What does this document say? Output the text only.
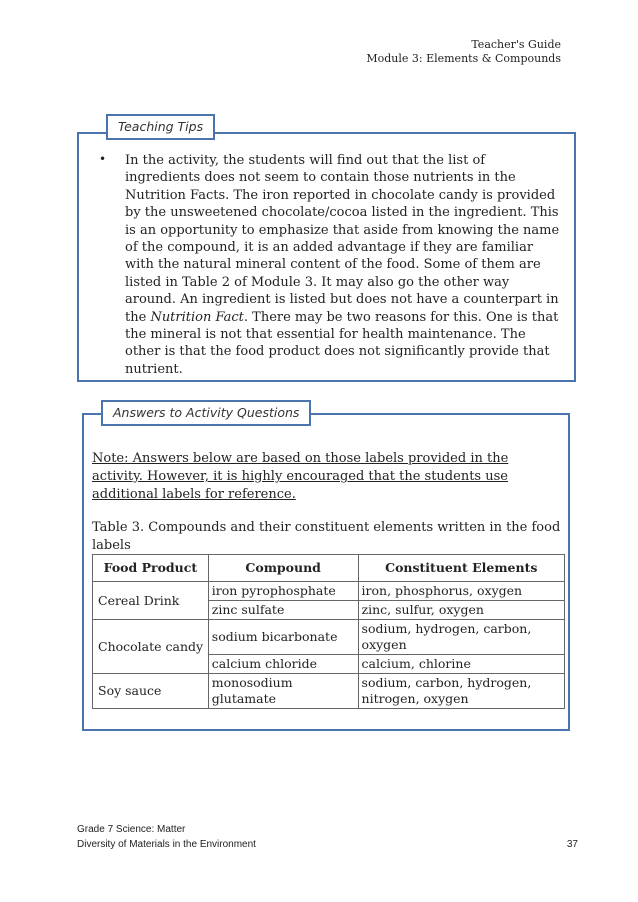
Teacher's Guide
Module 3: Elements & Compounds
Teaching Tips
• In the activity, the students will find out that the list of ingredients does not seem to contain those nutrients in the Nutrition Facts. The iron reported in chocolate candy is provided by the unsweetened chocolate/cocoa listed in the ingredient. This is an opportunity to emphasize that aside from knowing the name of the compound, it is an added advantage if they are familiar with the natural mineral content of the food. Some of them are listed in Table 2 of Module 3. It may also go the other way around. An ingredient is listed but does not have a counterpart in the Nutrition Fact. There may be two reasons for this. One is that the mineral is not that essential for health maintenance. The other is that the food product does not significantly provide that nutrient.

Answers to Activity Questions

Note: Answers below are based on those labels provided in the activity. However, it is highly encouraged that the students use additional labels for reference.

Table 3. Compounds and their constituent elements written in the food labels

Food Product	Compound	Constituent Elements
Cereal Drink	iron pyrophosphate	iron, phosphorus, oxygen
	zinc sulfate	zinc, sulfur, oxygen
Chocolate candy	sodium bicarbonate	sodium, hydrogen, carbon, oxygen
	calcium chloride	calcium, chlorine
Soy sauce	monosodium glutamate	sodium, carbon, hydrogen, nitrogen, oxygen
Grade 7 Science: Matter
Diversity of Materials in the Environment	37
